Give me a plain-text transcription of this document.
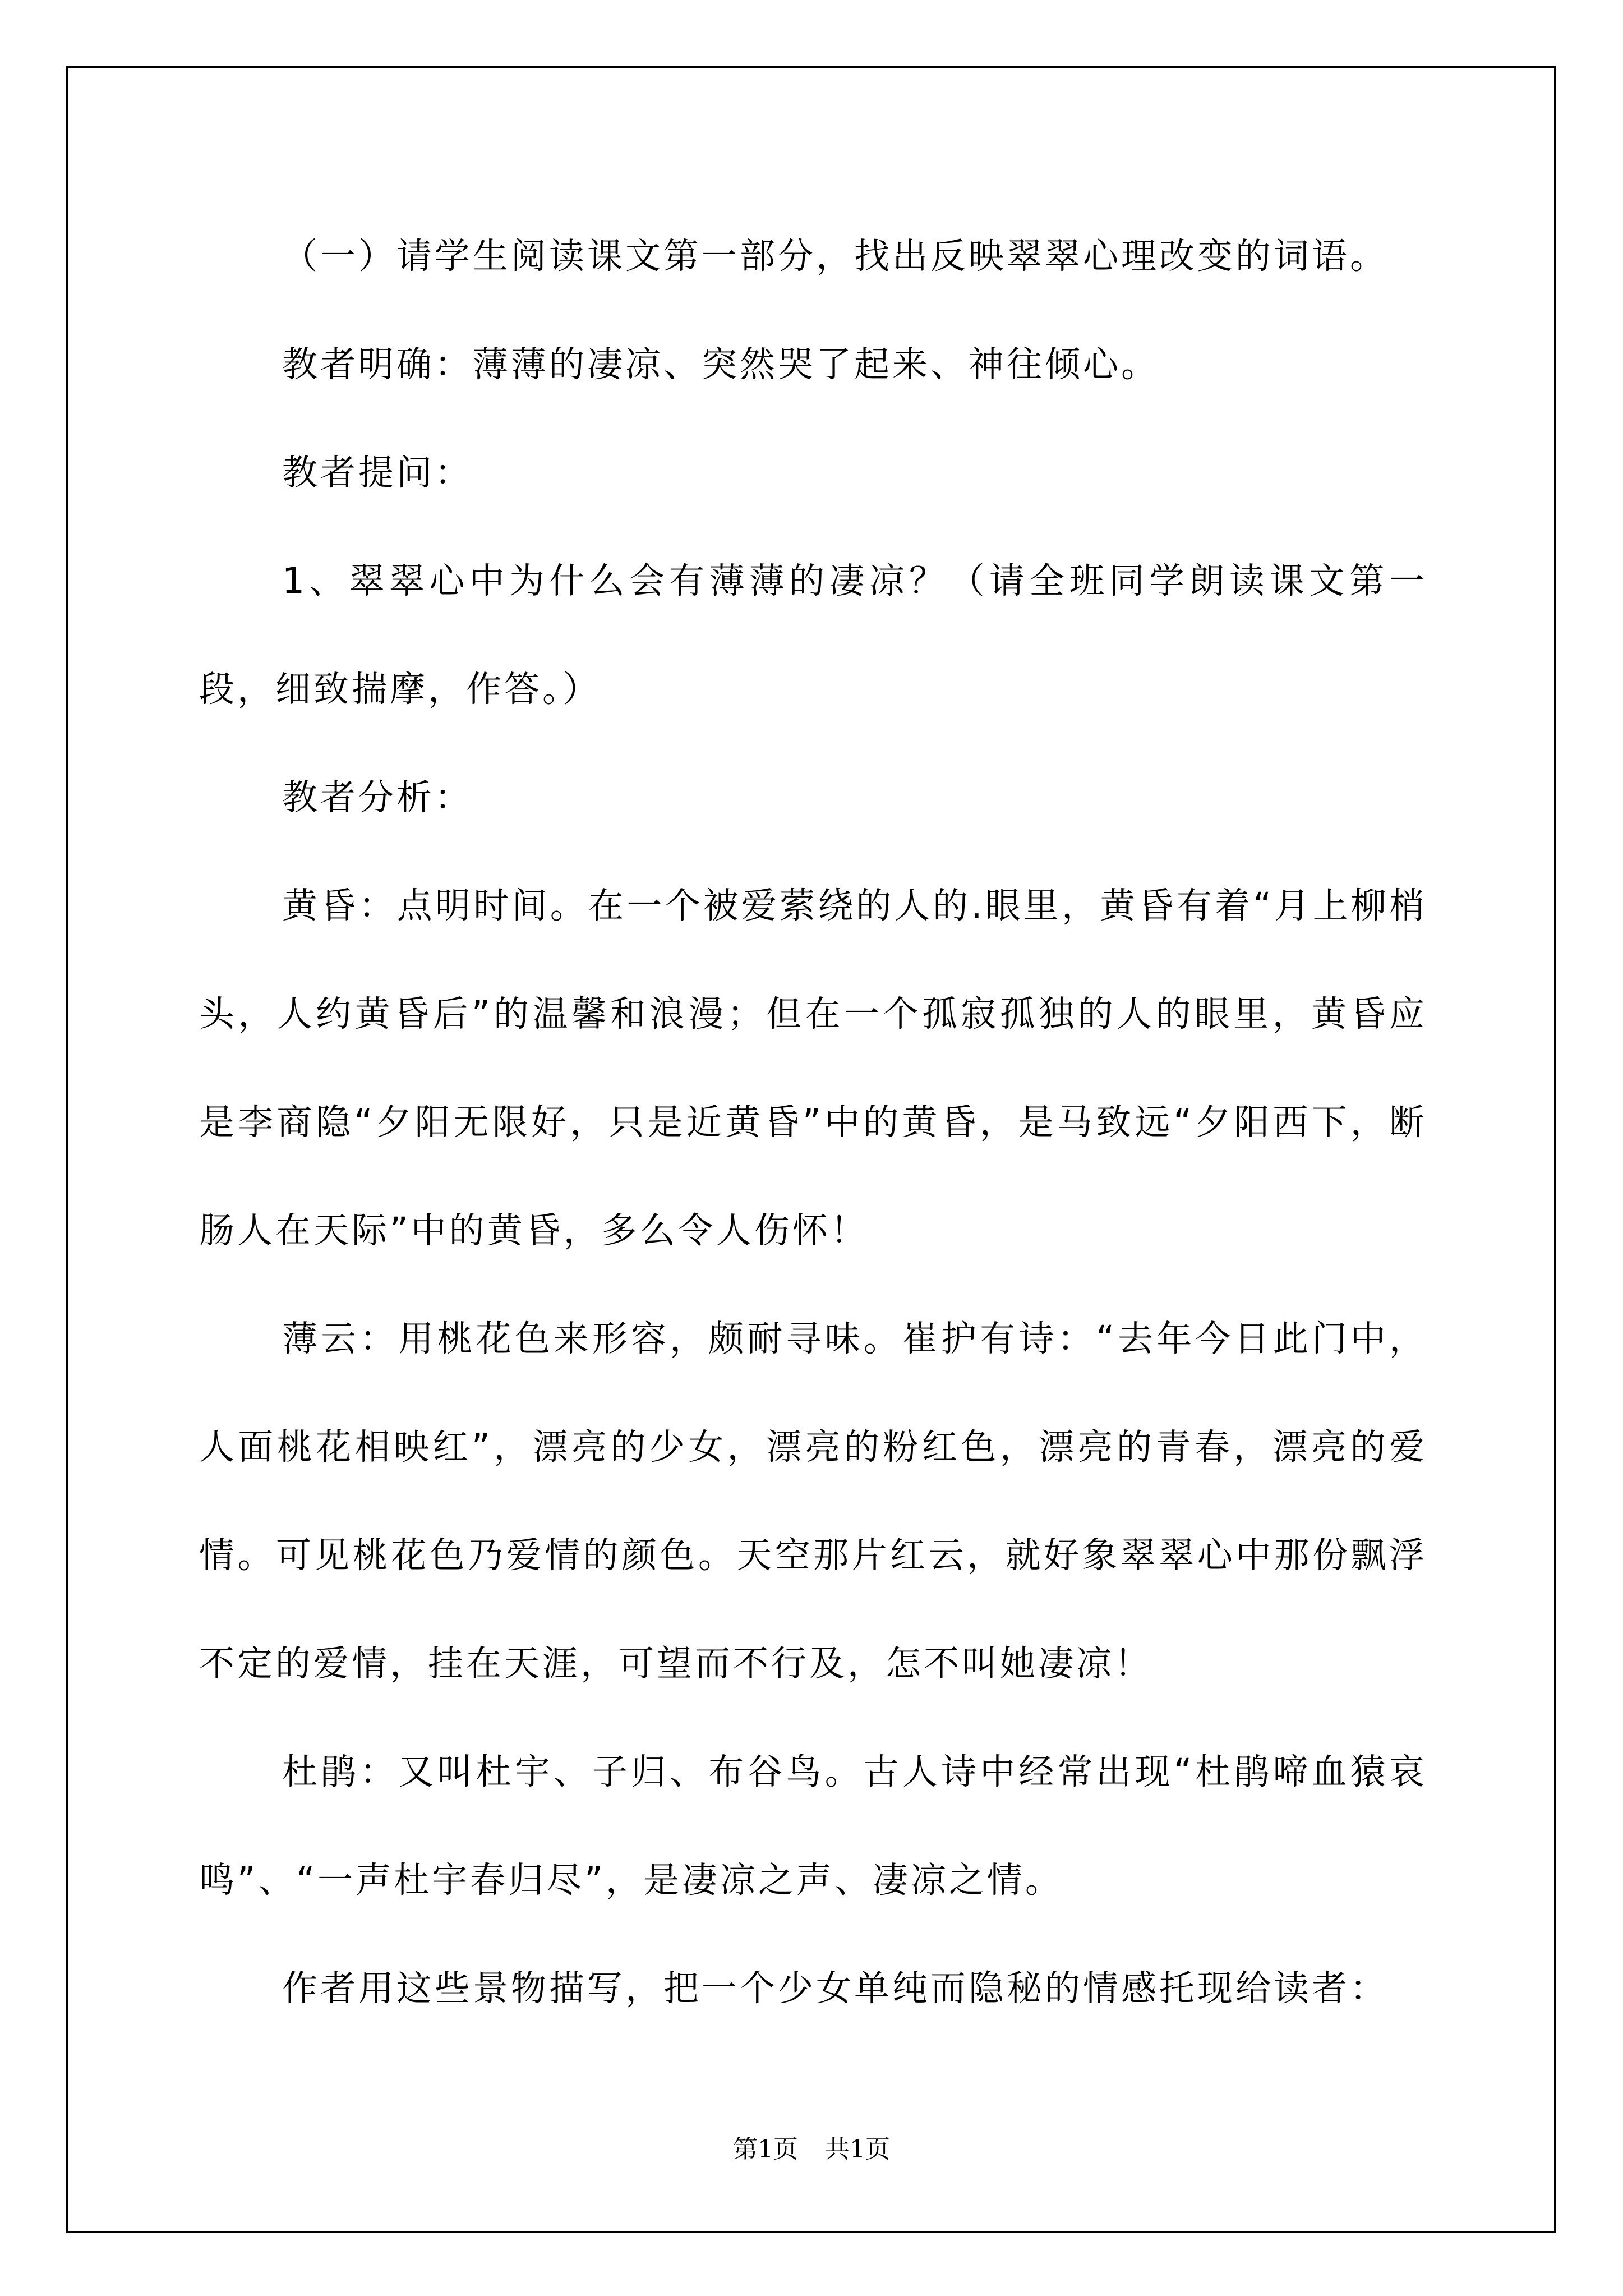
（一）请学生阅读课文第一部分，找出反映翠翠心理改变的词语。

教者明确：薄薄的凄凉、突然哭了起来、神往倾心。

教者提问：

1、翠翠心中为什么会有薄薄的凄凉？（请全班同学朗读课文第一段，细致揣摩，作答。）

教者分析：

黄昏：点明时间。在一个被爱萦绕的人的.眼里，黄昏有着“月上柳梢头，人约黄昏后”的温馨和浪漫；但在一个孤寂孤独的人的眼里，黄昏应是李商隐“夕阳无限好，只是近黄昏”中的黄昏，是马致远“夕阳西下，断肠人在天际”中的黄昏，多么令人伤怀！

薄云：用桃花色来形容，颇耐寻味。崔护有诗：“去年今日此门中，人面桃花相映红”，漂亮的少女，漂亮的粉红色，漂亮的青春，漂亮的爱情。可见桃花色乃爱情的颜色。天空那片红云，就好象翠翠心中那份飘浮不定的爱情，挂在天涯，可望而不行及，怎不叫她凄凉！

杜鹃：又叫杜宇、子归、布谷鸟。古人诗中经常出现“杜鹃啼血猿哀鸣”、“一声杜宇春归尽”，是凄凉之声、凄凉之情。

作者用这些景物描写，把一个少女单纯而隐秘的情感托现给读者：

第1页 共1页
